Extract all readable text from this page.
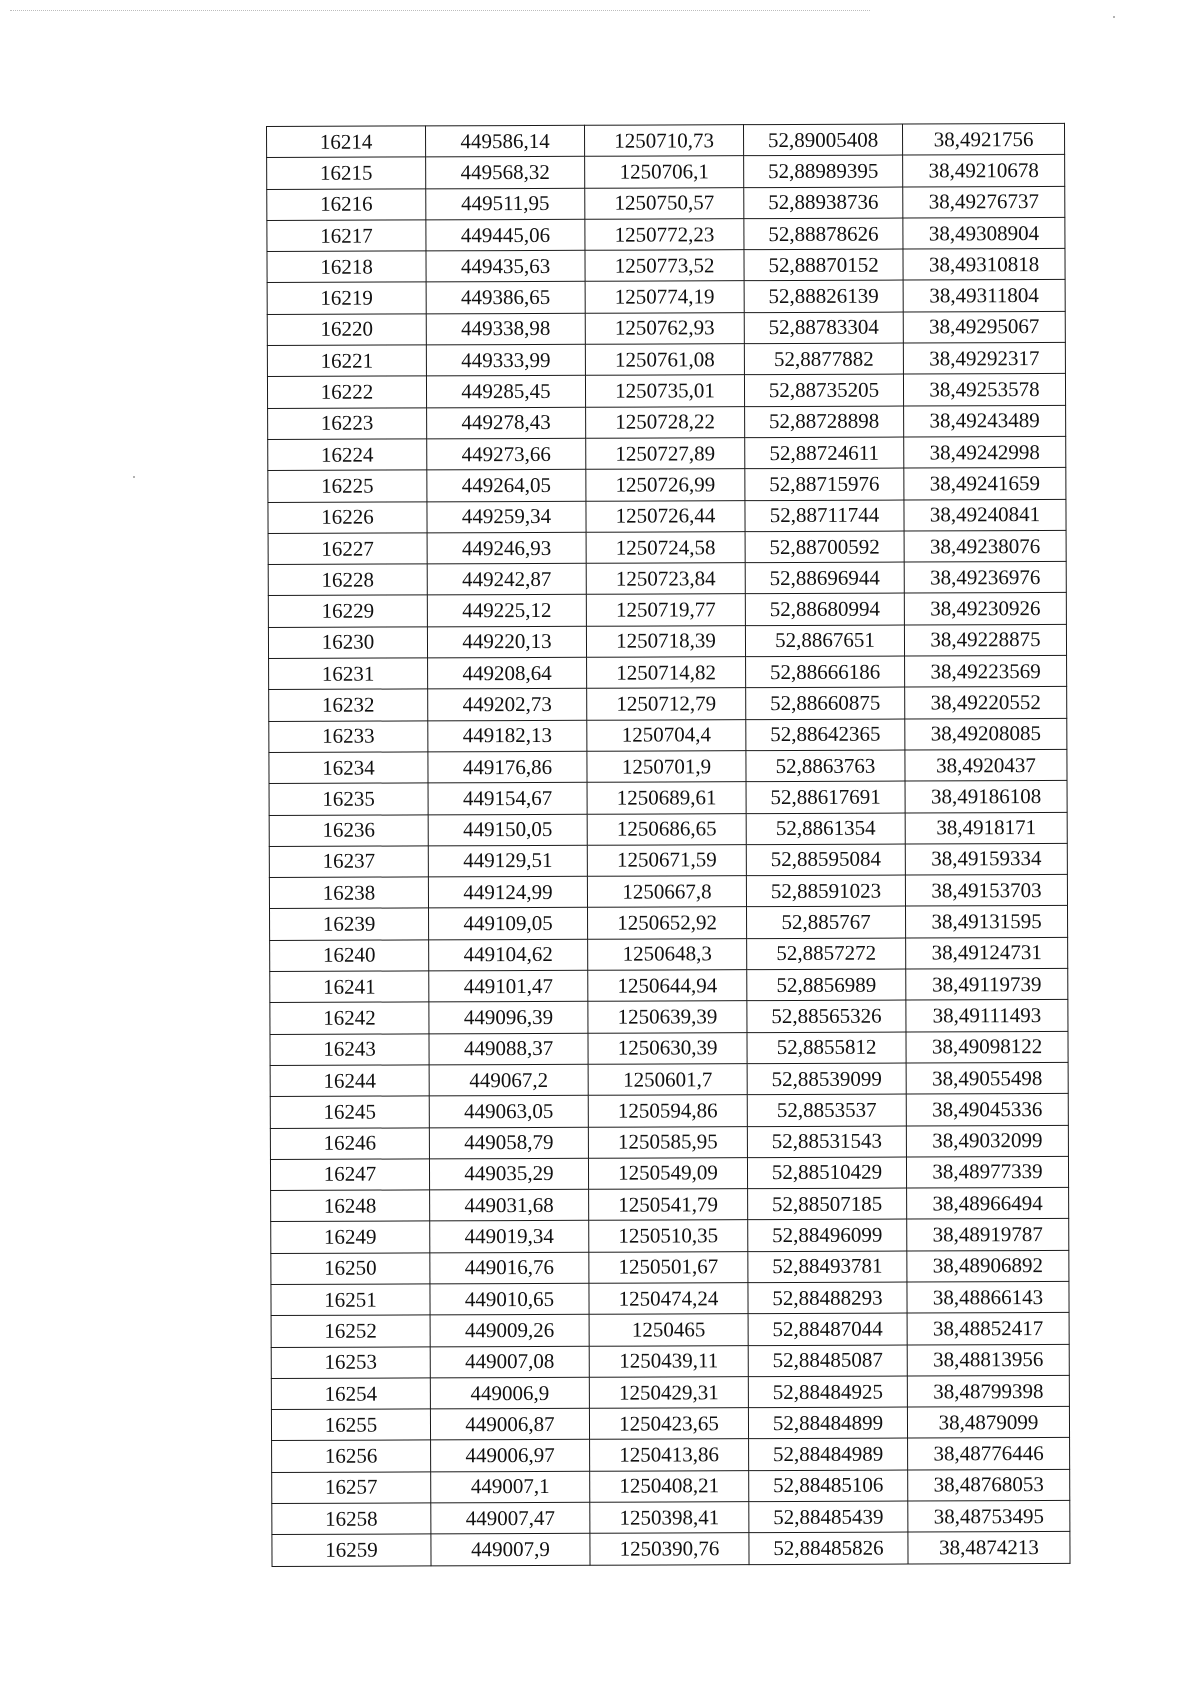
16214	449586,14	1250710,73	52,89005408	38,4921756
16215	449568,32	1250706,1	52,88989395	38,49210678
16216	449511,95	1250750,57	52,88938736	38,49276737
16217	449445,06	1250772,23	52,88878626	38,49308904
16218	449435,63	1250773,52	52,88870152	38,49310818
16219	449386,65	1250774,19	52,88826139	38,49311804
16220	449338,98	1250762,93	52,88783304	38,49295067
16221	449333,99	1250761,08	52,8877882	38,49292317
16222	449285,45	1250735,01	52,88735205	38,49253578
16223	449278,43	1250728,22	52,88728898	38,49243489
16224	449273,66	1250727,89	52,88724611	38,49242998
16225	449264,05	1250726,99	52,88715976	38,49241659
16226	449259,34	1250726,44	52,88711744	38,49240841
16227	449246,93	1250724,58	52,88700592	38,49238076
16228	449242,87	1250723,84	52,88696944	38,49236976
16229	449225,12	1250719,77	52,88680994	38,49230926
16230	449220,13	1250718,39	52,8867651	38,49228875
16231	449208,64	1250714,82	52,88666186	38,49223569
16232	449202,73	1250712,79	52,88660875	38,49220552
16233	449182,13	1250704,4	52,88642365	38,49208085
16234	449176,86	1250701,9	52,8863763	38,4920437
16235	449154,67	1250689,61	52,88617691	38,49186108
16236	449150,05	1250686,65	52,8861354	38,4918171
16237	449129,51	1250671,59	52,88595084	38,49159334
16238	449124,99	1250667,8	52,88591023	38,49153703
16239	449109,05	1250652,92	52,885767	38,49131595
16240	449104,62	1250648,3	52,8857272	38,49124731
16241	449101,47	1250644,94	52,8856989	38,49119739
16242	449096,39	1250639,39	52,88565326	38,49111493
16243	449088,37	1250630,39	52,8855812	38,49098122
16244	449067,2	1250601,7	52,88539099	38,49055498
16245	449063,05	1250594,86	52,8853537	38,49045336
16246	449058,79	1250585,95	52,88531543	38,49032099
16247	449035,29	1250549,09	52,88510429	38,48977339
16248	449031,68	1250541,79	52,88507185	38,48966494
16249	449019,34	1250510,35	52,88496099	38,48919787
16250	449016,76	1250501,67	52,88493781	38,48906892
16251	449010,65	1250474,24	52,88488293	38,48866143
16252	449009,26	1250465	52,88487044	38,48852417
16253	449007,08	1250439,11	52,88485087	38,48813956
16254	449006,9	1250429,31	52,88484925	38,48799398
16255	449006,87	1250423,65	52,88484899	38,4879099
16256	449006,97	1250413,86	52,88484989	38,48776446
16257	449007,1	1250408,21	52,88485106	38,48768053
16258	449007,47	1250398,41	52,88485439	38,48753495
16259	449007,9	1250390,76	52,88485826	38,4874213
